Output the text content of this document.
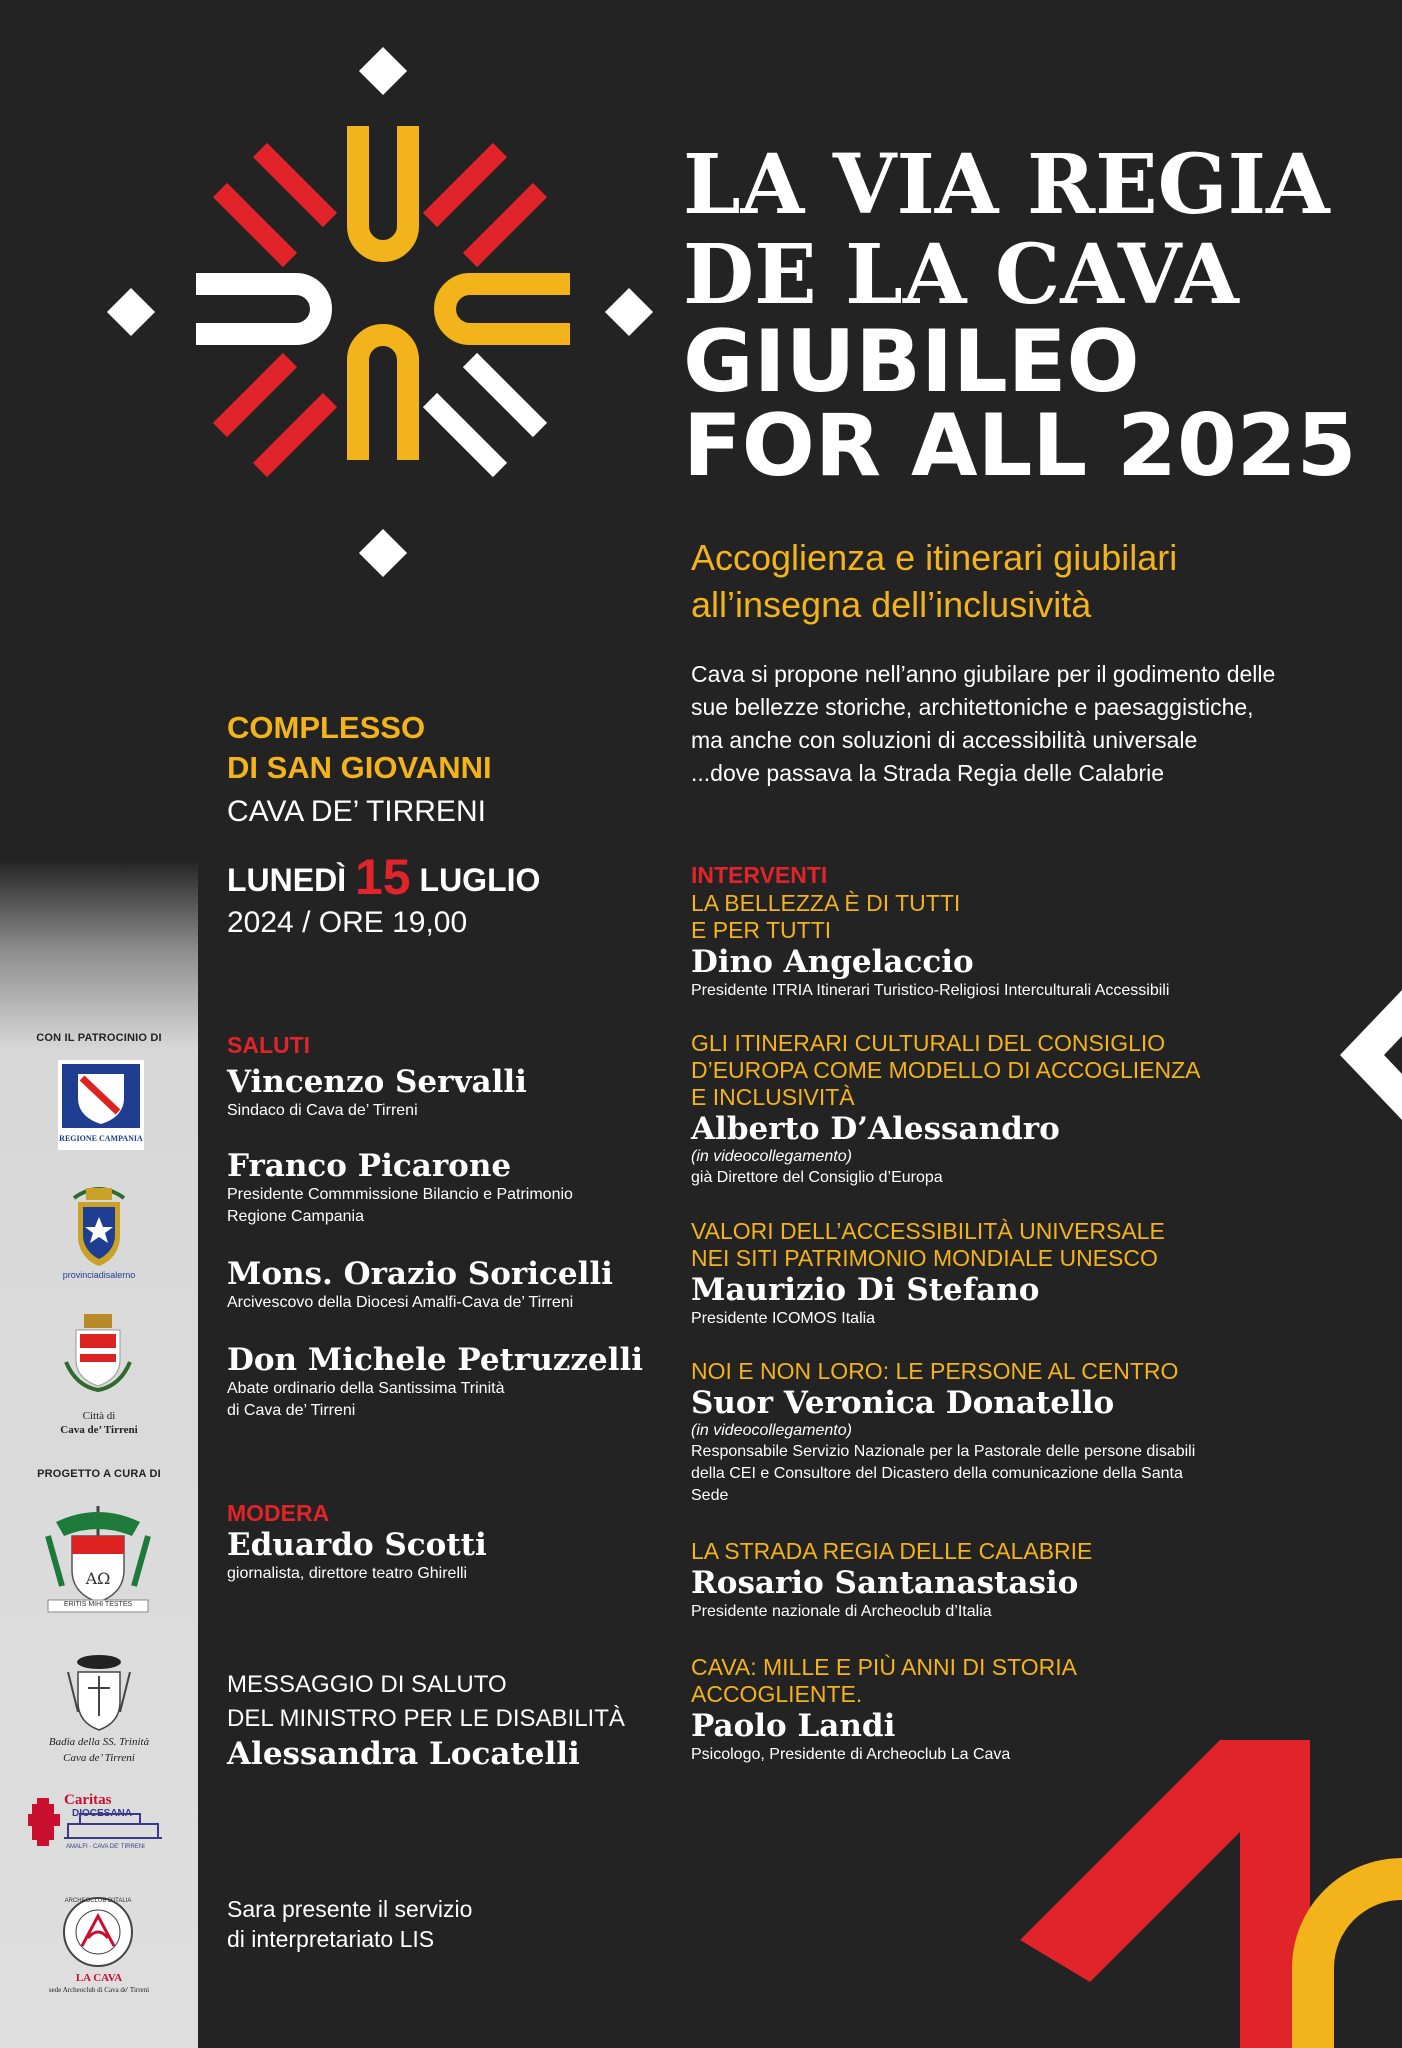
CON IL PATROCINIO DI
REGIONE CAMPANIA
provinciadisalerno
Città di
Cava de’ Tirreni
PROGETTO A CURA DI
AΩ
ERITIS MIHI TESTES
Badia della SS. Trinità
Cava de’ Tirreni
Caritas
DIOCESANA
AMALFI - CAVA DE' TIRRENI
ARCHEOCLUB D'ITALIA
LA CAVA
sede Archeoclub di Cava de' Tirreni
LA VIA REGIA
DE LA CAVA
GIUBILEO
FOR ALL 2025
Accoglienza e itinerari giubilari
all’insegna dell’inclusività
Cava si propone nell’anno giubilare per il godimento delle
sue bellezze storiche, architettoniche e paesaggistiche,
ma anche con soluzioni di accessibilità universale
...dove passava la Strada Regia delle Calabrie
COMPLESSO
DI SAN GIOVANNI
CAVA DE’ TIRRENI
LUNEDÌ 15 LUGLIO
2024 / ORE 19,00
SALUTI
Vincenzo Servalli
Sindaco di Cava de’ Tirreni
Franco Picarone
Presidente Commmissione Bilancio e Patrimonio
Regione Campania
Mons. Orazio Soricelli
Arcivescovo della Diocesi Amalfi-Cava de’ Tirreni
Don Michele Petruzzelli
Abate ordinario della Santissima Trinità
di Cava de’ Tirreni
MODERA
Eduardo Scotti
giornalista, direttore teatro Ghirelli
MESSAGGIO DI SALUTO
DEL MINISTRO PER LE DISABILITÀ
Alessandra Locatelli
Sara presente il servizio
di interpretariato LIS
INTERVENTI
LA BELLEZZA È DI TUTTI
E PER TUTTI
Dino Angelaccio
Presidente ITRIA Itinerari Turistico-Religiosi Interculturali Accessibili
GLI ITINERARI CULTURALI DEL CONSIGLIO
D’EUROPA COME MODELLO DI ACCOGLIENZA
E INCLUSIVITÀ
Alberto D’Alessandro
(in videocollegamento)
già Direttore del Consiglio d’Europa
VALORI DELL’ACCESSIBILITÀ UNIVERSALE
NEI SITI PATRIMONIO MONDIALE UNESCO
Maurizio Di Stefano
Presidente ICOMOS Italia
NOI E NON LORO: LE PERSONE AL CENTRO
Suor Veronica Donatello
(in videocollegamento)
Responsabile Servizio Nazionale per la Pastorale delle persone disabili
della CEI e Consultore del Dicastero della comunicazione della Santa
Sede
LA STRADA REGIA DELLE CALABRIE
Rosario Santanastasio
Presidente nazionale di Archeoclub d’Italia
CAVA: MILLE E PIÙ ANNI DI STORIA
ACCOGLIENTE.
Paolo Landi
Psicologo, Presidente di Archeoclub La Cava
